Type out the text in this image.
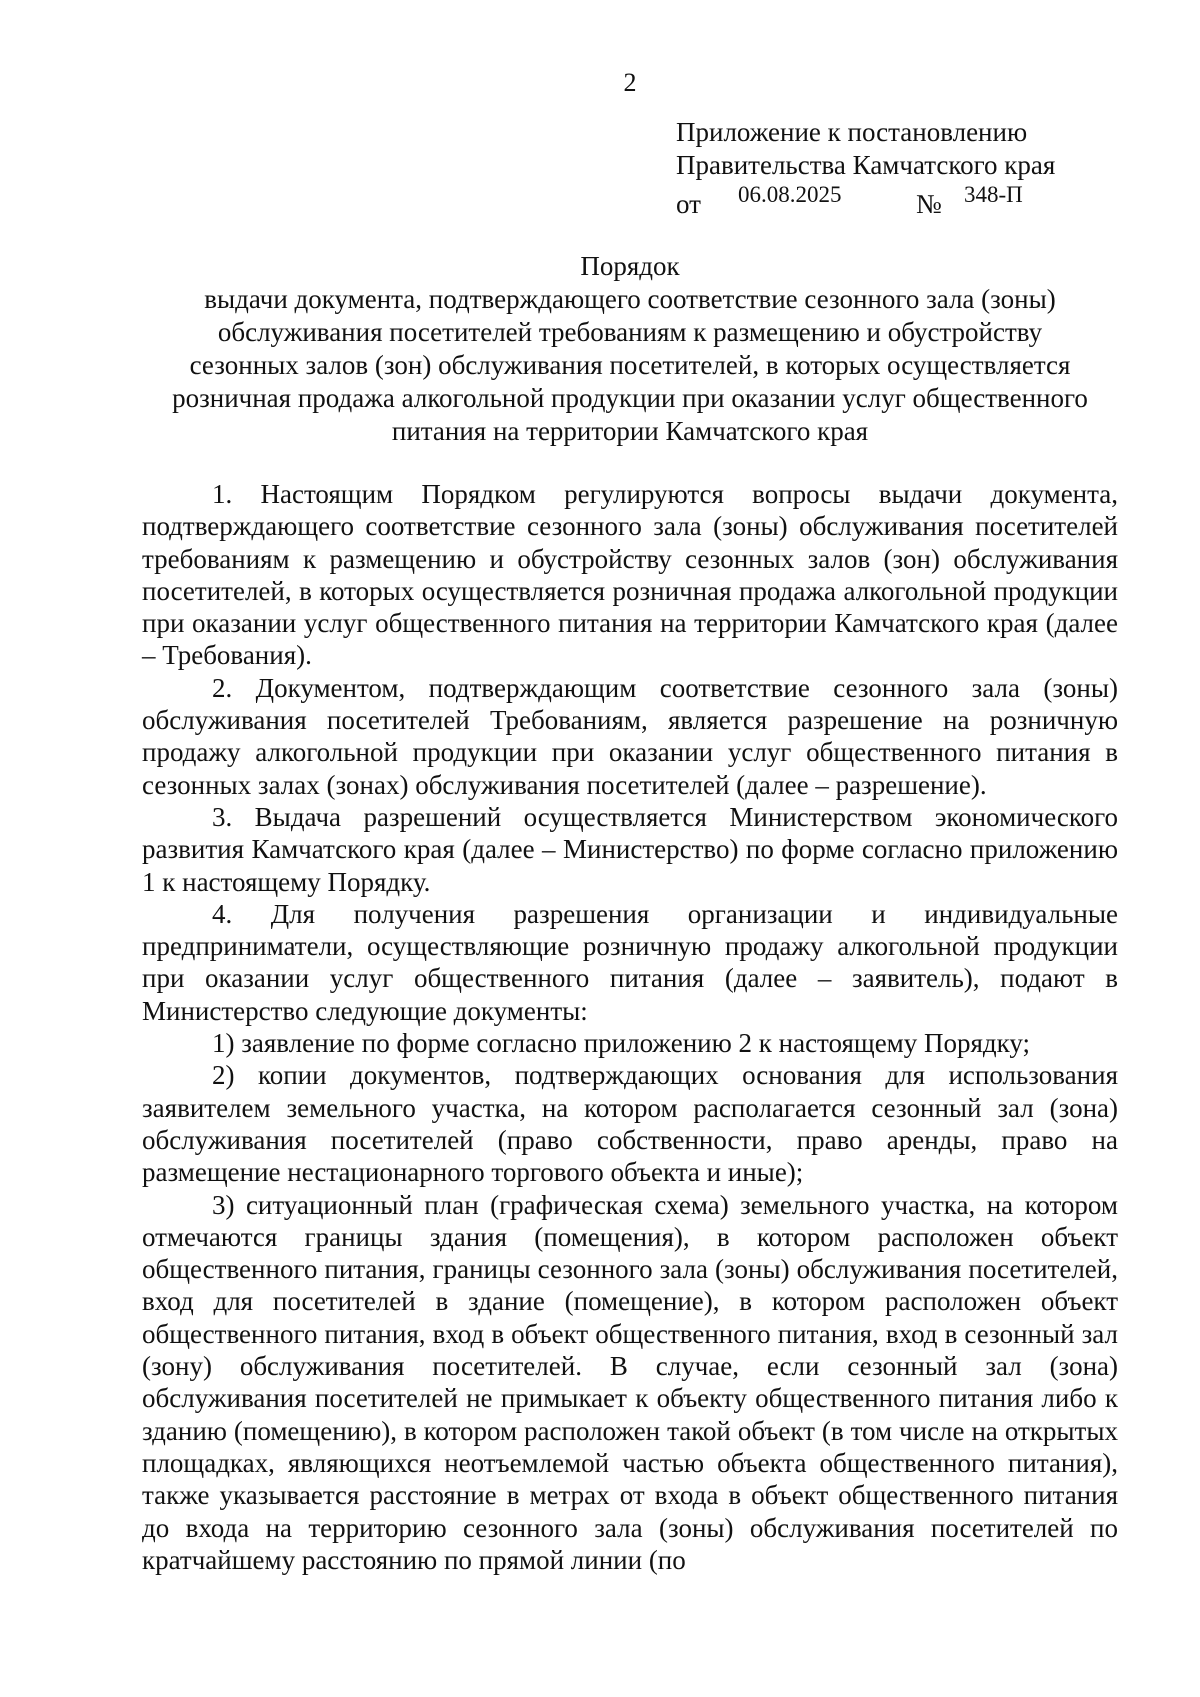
2
Приложение к постановлению
Правительства Камчатского края
от 06.08.2025	№ 348-П
Порядок
выдачи документа, подтверждающего соответствие сезонного зала (зоны)
обслуживания посетителей требованиям к размещению и обустройству
сезонных залов (зон) обслуживания посетителей, в которых осуществляется
розничная продажа алкогольной продукции при оказании услуг общественного
питания на территории Камчатского края

1. Настоящим Порядком регулируются вопросы выдачи документа, подтверждающего соответствие сезонного зала (зоны) обслуживания посетителей требованиям к размещению и обустройству сезонных залов (зон) обслуживания посетителей, в которых осуществляется розничная продажа алкогольной продукции при оказании услуг общественного питания на территории Камчатского края (далее – Требования).

2. Документом, подтверждающим соответствие сезонного зала (зоны) обслуживания посетителей Требованиям, является разрешение на розничную продажу алкогольной продукции при оказании услуг общественного питания в сезонных залах (зонах) обслуживания посетителей (далее – разрешение).

3. Выдача разрешений осуществляется Министерством экономического развития Камчатского края (далее – Министерство) по форме согласно приложению 1 к настоящему Порядку.

4. Для получения разрешения организации и индивидуальные предприниматели, осуществляющие розничную продажу алкогольной продукции при оказании услуг общественного питания (далее – заявитель), подают в Министерство следующие документы:

1) заявление по форме согласно приложению 2 к настоящему Порядку;

2) копии документов, подтверждающих основания для использования заявителем земельного участка, на котором располагается сезонный зал (зона) обслуживания посетителей (право собственности, право аренды, право на размещение нестационарного торгового объекта и иные);

3) ситуационный план (графическая схема) земельного участка, на котором отмечаются границы здания (помещения), в котором расположен объект общественного питания, границы сезонного зала (зоны) обслуживания посетителей, вход для посетителей в здание (помещение), в котором расположен объект общественного питания, вход в объект общественного питания, вход в сезонный зал (зону) обслуживания посетителей. В случае, если сезонный зал (зона) обслуживания посетителей не примыкает к объекту общественного питания либо к зданию (помещению), в котором расположен такой объект (в том числе на открытых площадках, являющихся неотъемлемой частью объекта общественного питания), также указывается расстояние в метрах от входа в объект общественного питания до входа на территорию сезонного зала (зоны) обслуживания посетителей по кратчайшему расстоянию по прямой линии (по
